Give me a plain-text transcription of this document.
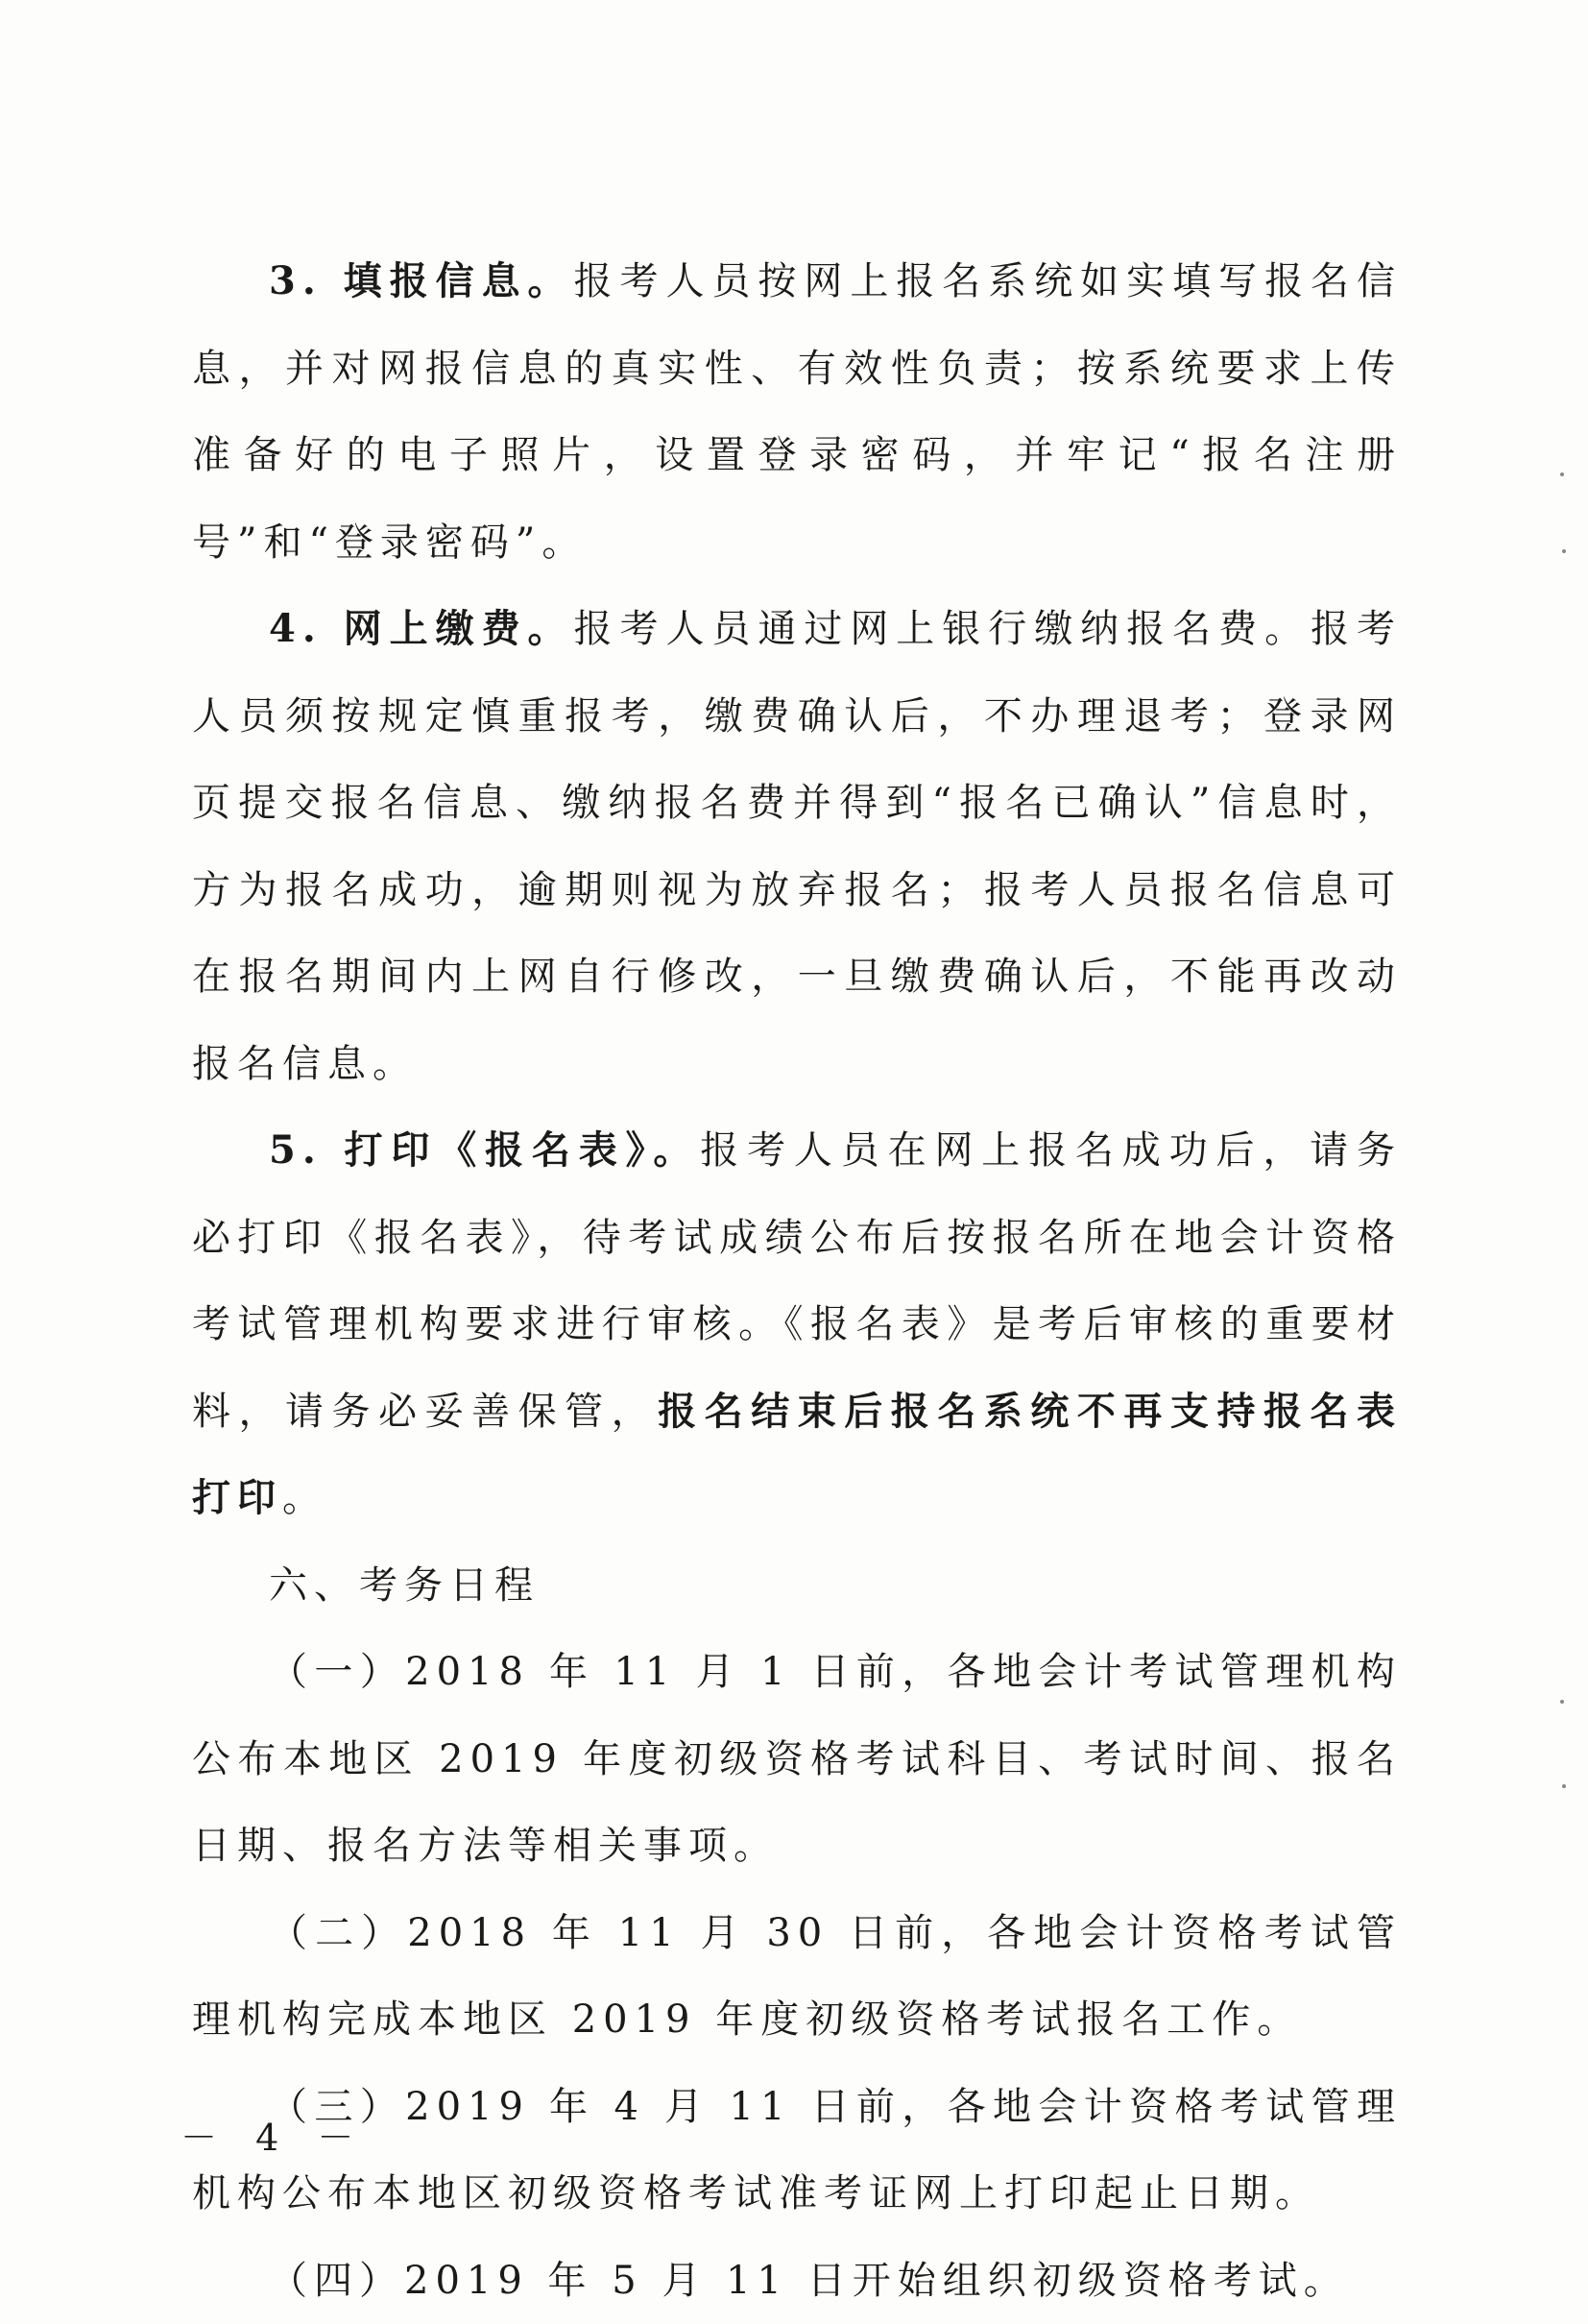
3. 填报信息。报考人员按网上报名系统如实填写报名信息，并对网报信息的真实性、有效性负责；按系统要求上传准备好的电子照片，设置登录密码，并牢记“报名注册号”和“登录密码”。

4. 网上缴费。报考人员通过网上银行缴纳报名费。报考人员须按规定慎重报考，缴费确认后，不办理退考；登录网页提交报名信息、缴纳报名费并得到“报名已确认”信息时，方为报名成功，逾期则视为放弃报名；报考人员报名信息可在报名期间内上网自行修改，一旦缴费确认后，不能再改动报名信息。

5. 打印《报名表》。报考人员在网上报名成功后，请务必打印《报名表》，待考试成绩公布后按报名所在地会计资格考试管理机构要求进行审核。《报名表》是考后审核的重要材料，请务必妥善保管，报名结束后报名系统不再支持报名表打印。

六、考务日程

（一）2018 年 11 月 1 日前，各地会计考试管理机构公布本地区 2019 年度初级资格考试科目、考试时间、报名日期、报名方法等相关事项。

（二）2018 年 11 月 30 日前，各地会计资格考试管理机构完成本地区 2019 年度初级资格考试报名工作。

（三）2019 年 4 月 11 日前，各地会计资格考试管理机构公布本地区初级资格考试准考证网上打印起止日期。

（四）2019 年 5 月 11 日开始组织初级资格考试。

－ 4 －
